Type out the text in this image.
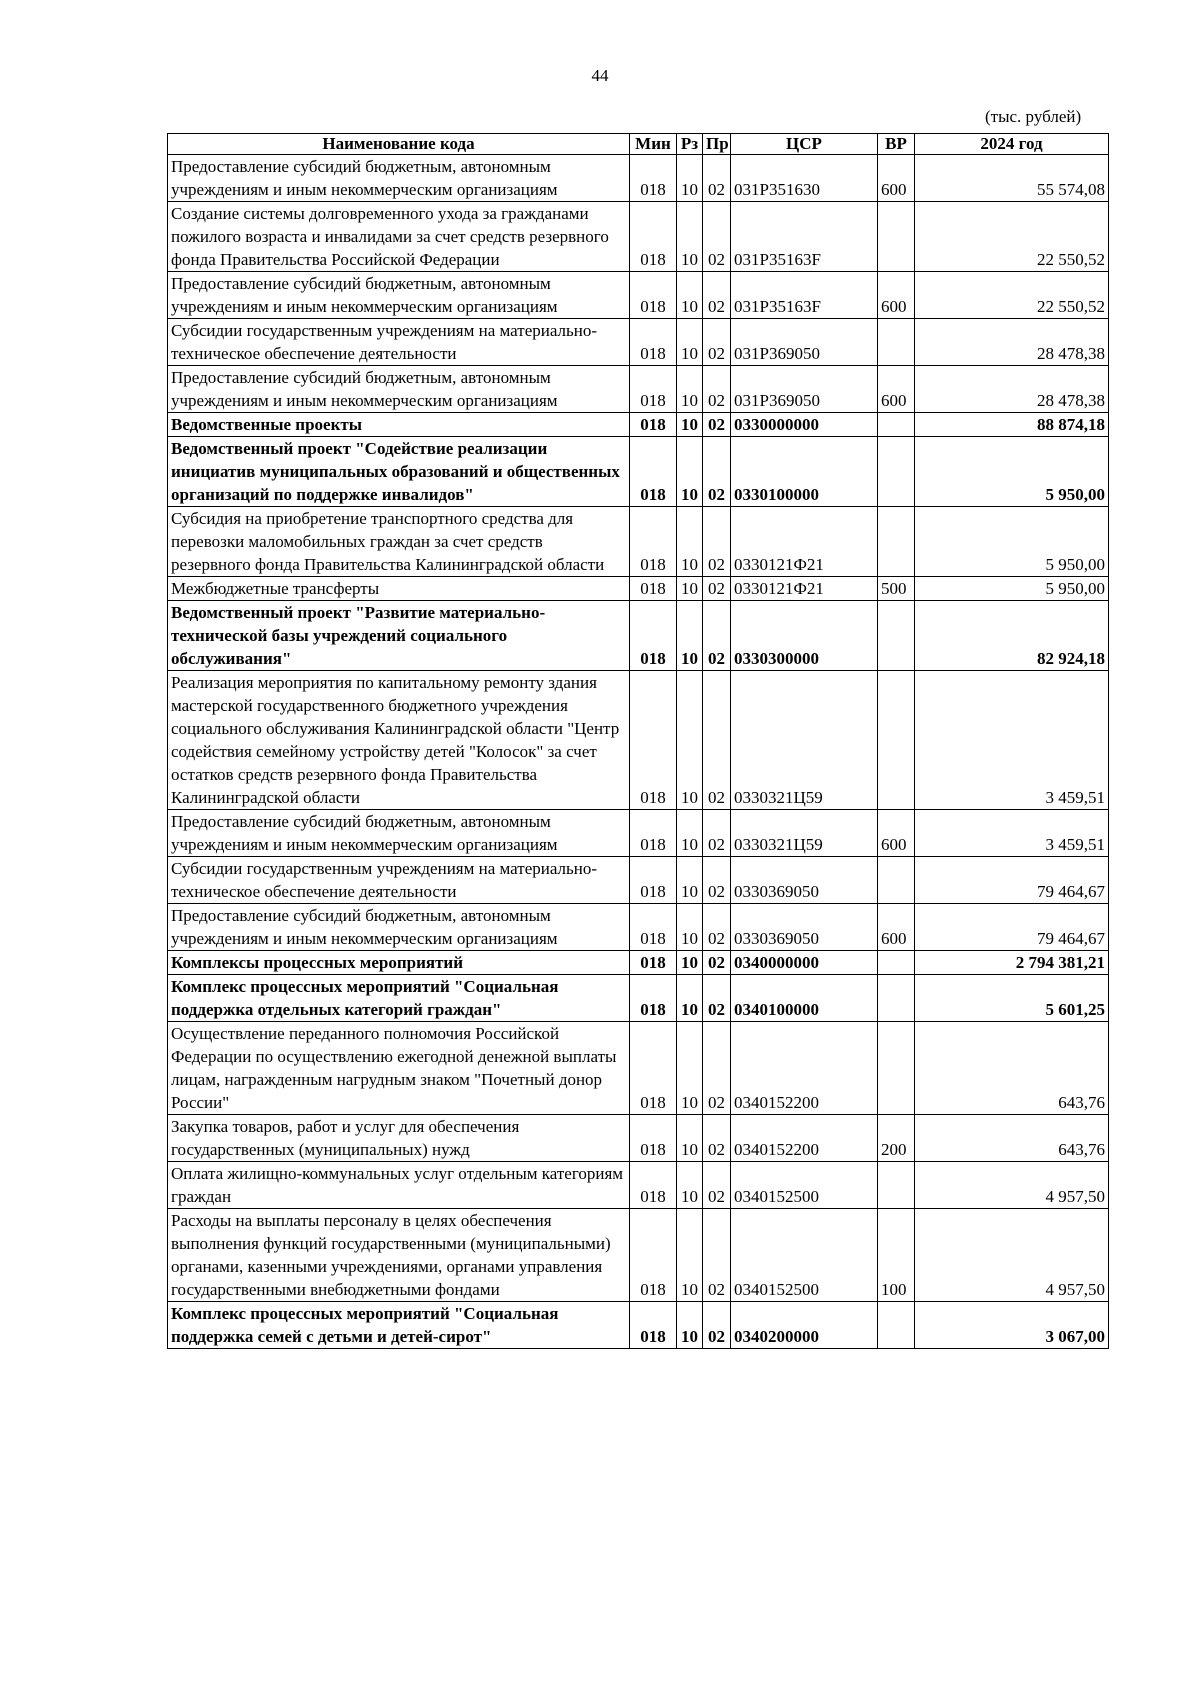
44
(тыс. рублей)
Наименование кода	Мин	Рз	Пр	ЦСР	ВР	2024 год
Предоставление субсидий бюджетным, автономным учреждениям и иным некоммерческим организациям	018	10	02	031Р351630	600	55 574,08
Создание системы долговременного ухода за гражданами пожилого возраста и инвалидами за счет средств резервного фонда Правительства Российской Федерации	018	10	02	031Р35163F		22 550,52
Предоставление субсидий бюджетным, автономным учреждениям и иным некоммерческим организациям	018	10	02	031Р35163F	600	22 550,52
Субсидии государственным учреждениям на материально-техническое обеспечение деятельности	018	10	02	031Р369050		28 478,38
Предоставление субсидий бюджетным, автономным учреждениям и иным некоммерческим организациям	018	10	02	031Р369050	600	28 478,38
Ведомственные проекты	018	10	02	0330000000		88 874,18
Ведомственный проект "Содействие реализации инициатив муниципальных образований и общественных организаций по поддержке инвалидов"	018	10	02	0330100000		5 950,00
Субсидия на приобретение транспортного средства для перевозки маломобильных граждан за счет средств резервного фонда Правительства Калининградской области	018	10	02	0330121Ф21		5 950,00
Межбюджетные трансферты	018	10	02	0330121Ф21	500	5 950,00
Ведомственный проект "Развитие материально-технической базы учреждений социального обслуживания"	018	10	02	0330300000		82 924,18
Реализация мероприятия по капитальному ремонту здания мастерской государственного бюджетного учреждения социального обслуживания Калининградской области "Центр содействия семейному устройству детей "Колосок" за счет остатков средств резервного фонда Правительства Калининградской области	018	10	02	0330321Ц59		3 459,51
Предоставление субсидий бюджетным, автономным учреждениям и иным некоммерческим организациям	018	10	02	0330321Ц59	600	3 459,51
Субсидии государственным учреждениям на материально-техническое обеспечение деятельности	018	10	02	0330369050		79 464,67
Предоставление субсидий бюджетным, автономным учреждениям и иным некоммерческим организациям	018	10	02	0330369050	600	79 464,67
Комплексы процессных мероприятий	018	10	02	0340000000		2 794 381,21
Комплекс процессных мероприятий "Социальная поддержка отдельных категорий граждан"	018	10	02	0340100000		5 601,25
Осуществление переданного полномочия Российской Федерации по осуществлению ежегодной денежной выплаты лицам, награжденным нагрудным знаком "Почетный донор России"	018	10	02	0340152200		643,76
Закупка товаров, работ и услуг для обеспечения государственных (муниципальных) нужд	018	10	02	0340152200	200	643,76
Оплата жилищно-коммунальных услуг отдельным категориям граждан	018	10	02	0340152500		4 957,50
Расходы на выплаты персоналу в целях обеспечения выполнения функций государственными (муниципальными) органами, казенными учреждениями, органами управления государственными внебюджетными фондами	018	10	02	0340152500	100	4 957,50
Комплекс процессных мероприятий "Социальная поддержка семей с детьми и детей-сирот"	018	10	02	0340200000		3 067,00
